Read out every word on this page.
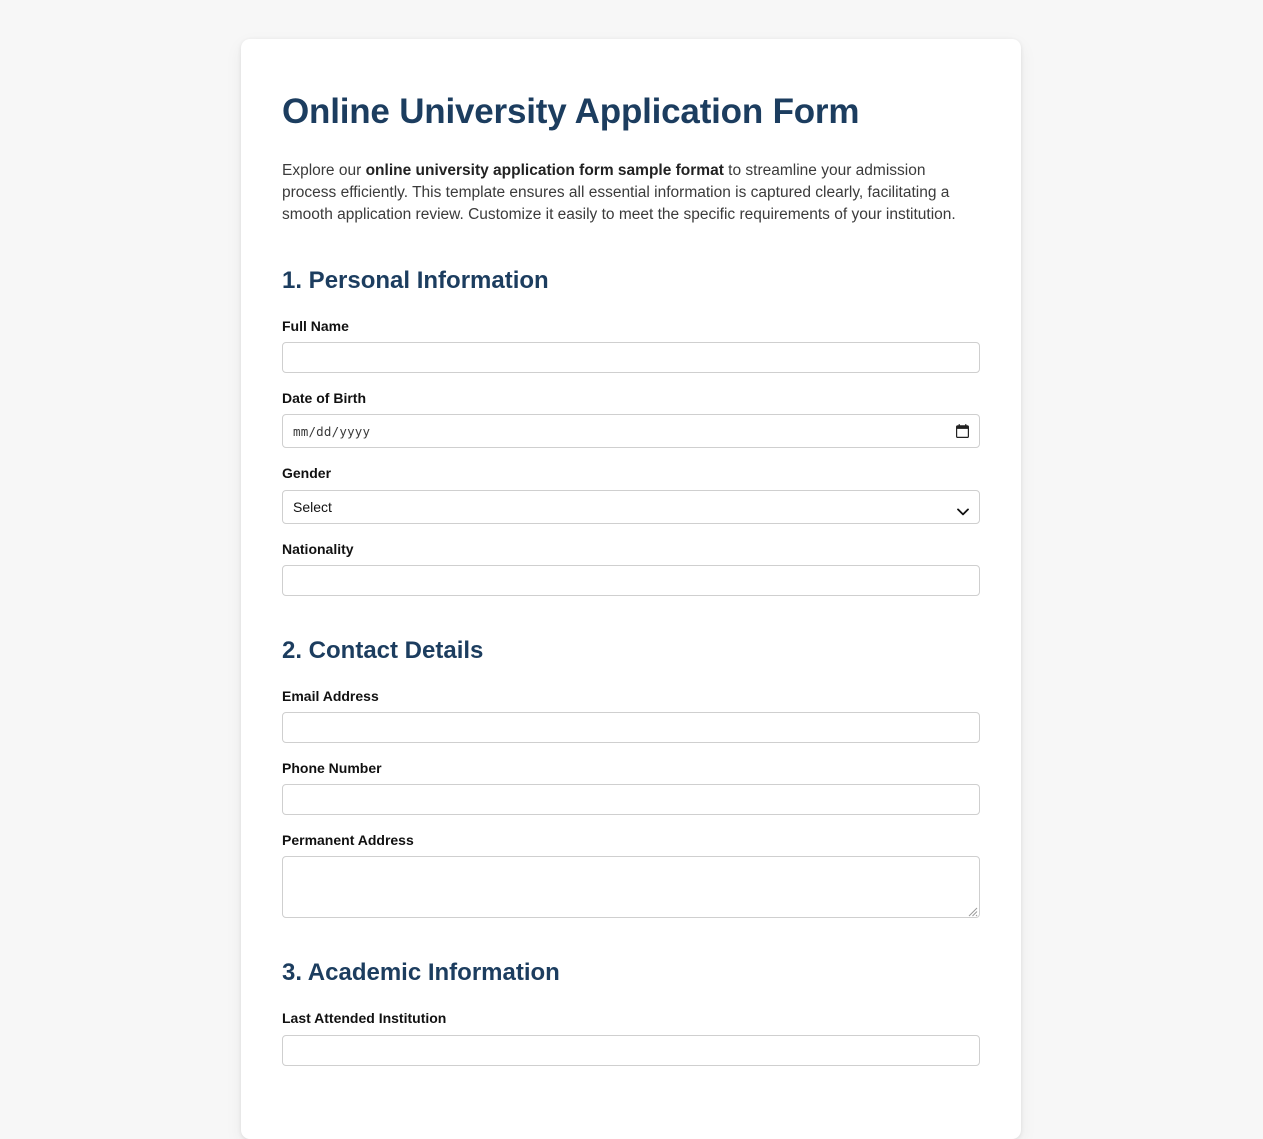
Online University Application Form

Explore our online university application form sample format to streamline your admission process efficiently. This template ensures all essential information is captured clearly, facilitating a smooth application review. Customize it easily to meet the specific requirements of your institution.

1. Personal Information
Full Name
Date of Birth
mm/dd/yyyy
Gender
Select
Nationality
2. Contact Details
Email Address
Phone Number
Permanent Address
3. Academic Information
Last Attended Institution
